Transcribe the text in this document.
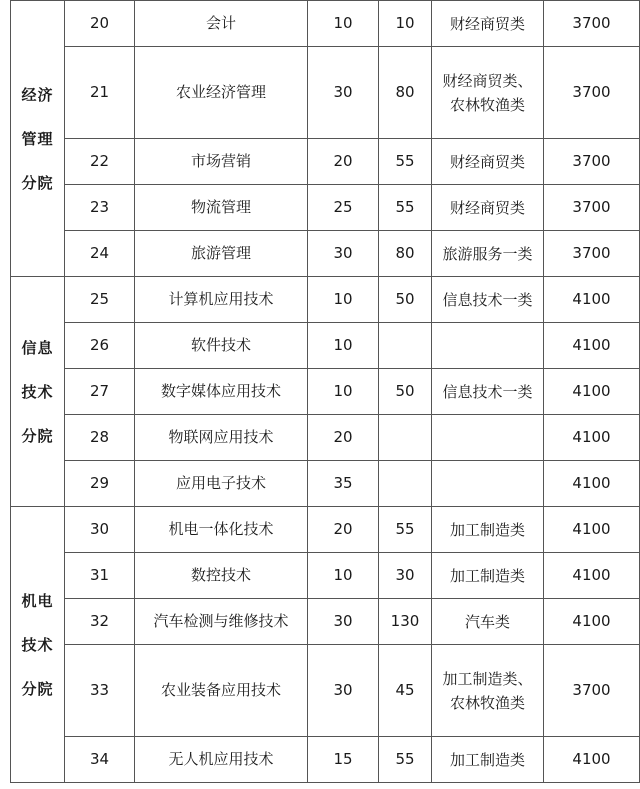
经济
管理
分院	20	会计	10	10	财经商贸类	3700
	21	农业经济管理	30	80	财经商贸类、
农林牧渔类	3700
	22	市场营销	20	55	财经商贸类	3700
	23	物流管理	25	55	财经商贸类	3700
	24	旅游管理	30	80	旅游服务一类	3700

信息
技术
分院	25	计算机应用技术	10	50	信息技术一类	4100
	26	软件技术	10			4100
	27	数字媒体应用技术	10	50	信息技术一类	4100
	28	物联网应用技术	20			4100
	29	应用电子技术	35			4100

机电
技术
分院	30	机电一体化技术	20	55	加工制造类	4100
	31	数控技术	10	30	加工制造类	4100
	32	汽车检测与维修技术	30	130	汽车类	4100
	33	农业装备应用技术	30	45	加工制造类、
农林牧渔类	3700
	34	无人机应用技术	15	55	加工制造类	4100
